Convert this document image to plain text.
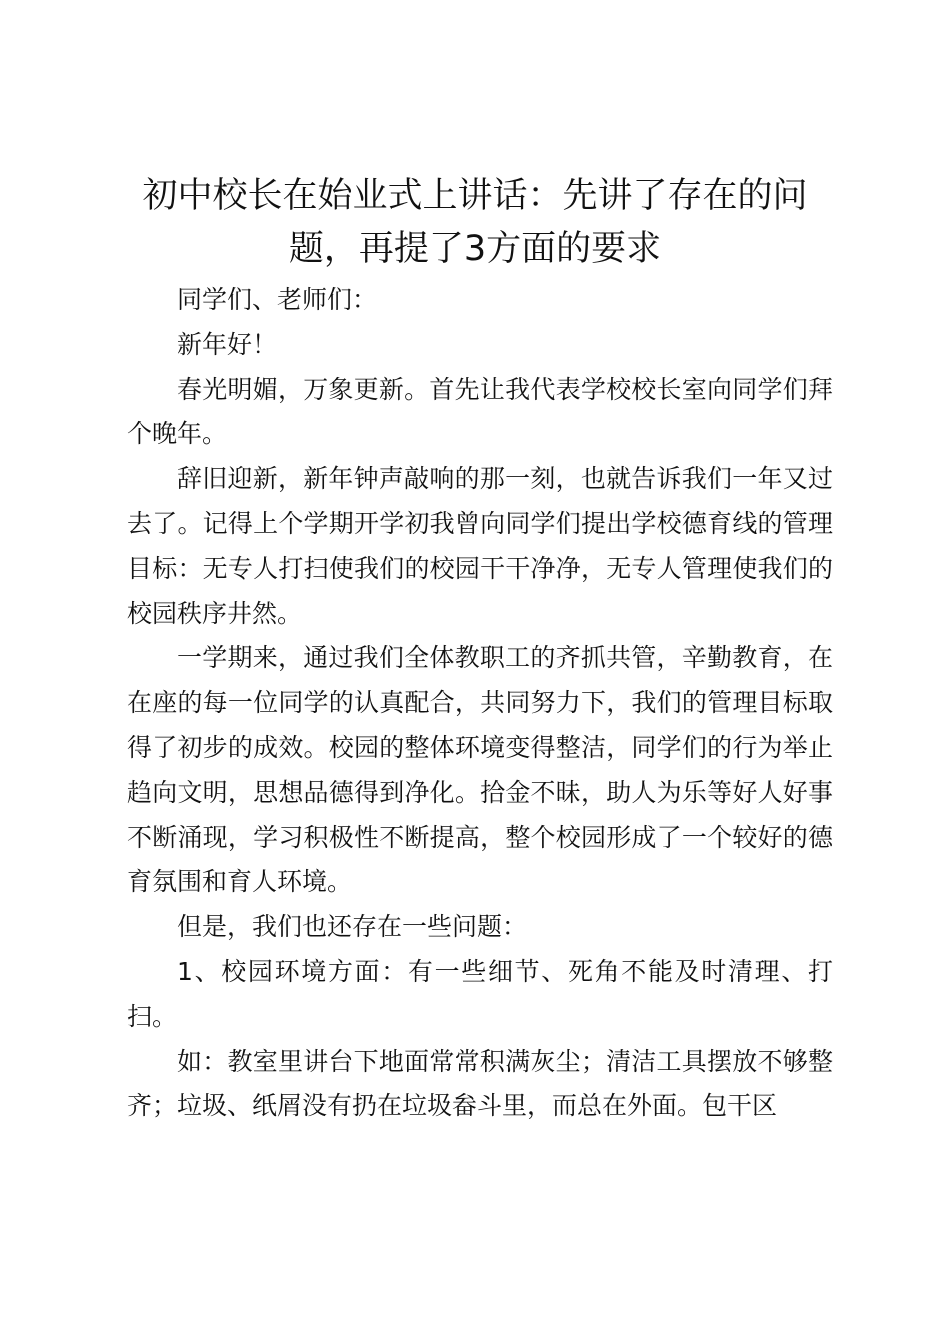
初中校长在始业式上讲话：先讲了存在的问题，再提了3方面的要求

同学们、老师们：

新年好！

春光明媚，万象更新。首先让我代表学校校长室向同学们拜个晚年。

辞旧迎新，新年钟声敲响的那一刻，也就告诉我们一年又过去了。记得上个学期开学初我曾向同学们提出学校德育线的管理目标：无专人打扫使我们的校园干干净净，无专人管理使我们的校园秩序井然。

一学期来，通过我们全体教职工的齐抓共管，辛勤教育，在在座的每一位同学的认真配合，共同努力下，我们的管理目标取得了初步的成效。校园的整体环境变得整洁，同学们的行为举止趋向文明，思想品德得到净化。拾金不昧，助人为乐等好人好事不断涌现，学习积极性不断提高，整个校园形成了一个较好的德育氛围和育人环境。

但是，我们也还存在一些问题：

1、校园环境方面：有一些细节、死角不能及时清理、打扫。

如：教室里讲台下地面常常积满灰尘；清洁工具摆放不够整齐；垃圾、纸屑没有扔在垃圾畚斗里，而总在外面。包干区
